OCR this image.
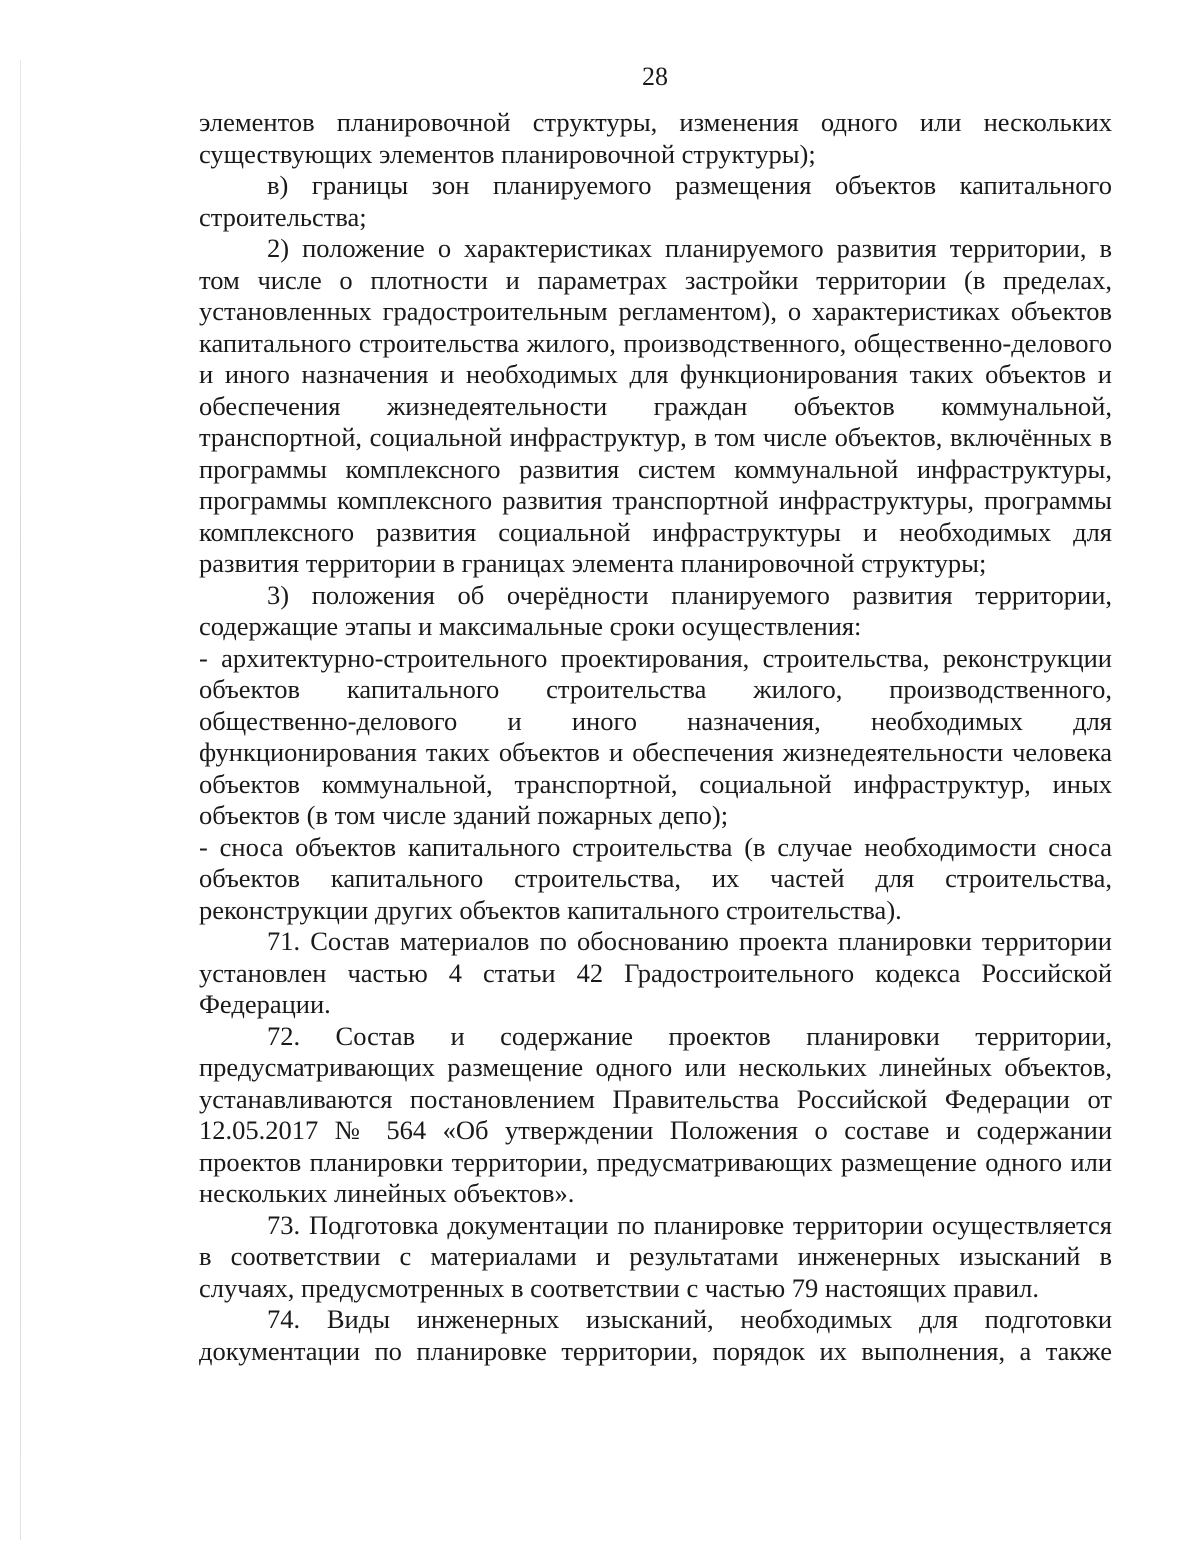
28

элементов планировочной структуры, изменения одного или нескольких существующих элементов планировочной структуры);

в) границы зон планируемого размещения объектов капитального строительства;

2) положение о характеристиках планируемого развития территории, в том числе о плотности и параметрах застройки территории (в пределах, установленных градостроительным регламентом), о характеристиках объектов капитального строительства жилого, производственного, общественно-делового и иного назначения и необходимых для функционирования таких объектов и обеспечения жизнедеятельности граждан объектов коммунальной, транспортной, социальной инфраструктур, в том числе объектов, включённых в программы комплексного развития систем коммунальной инфраструктуры, программы комплексного развития транспортной инфраструктуры, программы комплексного развития социальной инфраструктуры и необходимых для развития территории в границах элемента планировочной структуры;

3) положения об очерёдности планируемого развития территории, содержащие этапы и максимальные сроки осуществления:

- архитектурно-строительного проектирования, строительства, реконструкции объектов капитального строительства жилого, производственного, общественно-делового и иного назначения, необходимых для функционирования таких объектов и обеспечения жизнедеятельности человека объектов коммунальной, транспортной, социальной инфраструктур, иных объектов (в том числе зданий пожарных депо);

- сноса объектов капитального строительства (в случае необходимости сноса объектов капитального строительства, их частей для строительства, реконструкции других объектов капитального строительства).

71. Состав материалов по обоснованию проекта планировки территории установлен частью 4 статьи 42 Градостроительного кодекса Российской Федерации.

72. Состав и содержание проектов планировки территории, предусматривающих размещение одного или нескольких линейных объектов, устанавливаются постановлением Правительства Российской Федерации от 12.05.2017 № 564 «Об утверждении Положения о составе и содержании проектов планировки территории, предусматривающих размещение одного или нескольких линейных объектов».

73. Подготовка документации по планировке территории осуществляется в соответствии с материалами и результатами инженерных изысканий в случаях, предусмотренных в соответствии с частью 79 настоящих правил.

74. Виды инженерных изысканий, необходимых для подготовки документации по планировке территории, порядок их выполнения, а также
